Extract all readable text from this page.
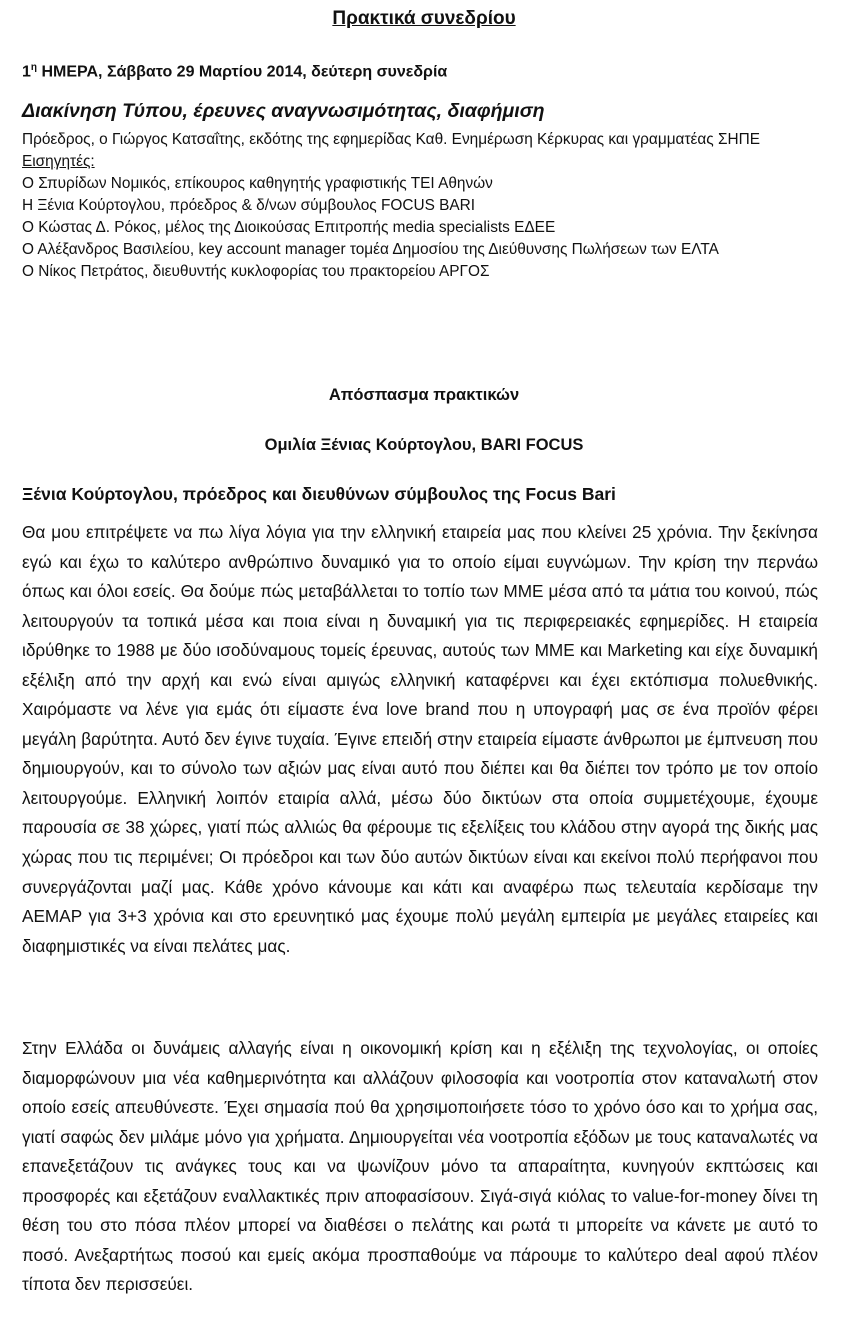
Πρακτικά συνεδρίου
$1^\eta$ ΗΜΕΡΑ, Σάββατο 29 Μαρτίου 2014, δεύτερη συνεδρία
Διακίνηση Τύπου, έρευνες αναγνωσιμότητας, διαφήμιση

Πρόεδρος, ο Γιώργος Κατσαΐτης, εκδότης της εφημερίδας Καθ. Ενημέρωση Κέρκυρας και γραμματέας ΣΗΠΕ

Εισηγητές:

Ο Σπυρίδων Νομικός, επίκουρος καθηγητής γραφιστικής ΤΕΙ Αθηνών

Η Ξένια Κούρτογλου, πρόεδρος & δ/νων σύμβουλος FOCUS BARI

Ο Κώστας Δ. Ρόκος, μέλος της Διοικούσας Επιτροπής media specialists ΕΔΕΕ

Ο Αλέξανδρος Βασιλείου, key account manager τομέα Δημοσίου της Διεύθυνσης Πωλήσεων των ΕΛΤΑ

Ο Νίκος Πετράτος, διευθυντής κυκλοφορίας του πρακτορείου ΑΡΓΟΣ

Απόσπασμα πρακτικών
Ομιλία Ξένιας Κούρτογλου, BARI FOCUS
Ξένια Κούρτογλου, πρόεδρος και διευθύνων σύμβουλος της Focus Bari

Θα μου επιτρέψετε να πω λίγα λόγια για την ελληνική εταιρεία μας που κλείνει 25 χρόνια. Την ξεκίνησα εγώ και έχω το καλύτερο ανθρώπινο δυναμικό για το οποίο είμαι ευγνώμων. Την κρίση την περνάω όπως και όλοι εσείς. Θα δούμε πώς μεταβάλλεται το τοπίο των ΜΜΕ μέσα από τα μάτια του κοινού, πώς λειτουργούν τα τοπικά μέσα και ποια είναι η δυναμική για τις περιφερειακές εφημερίδες. Η εταιρεία ιδρύθηκε το 1988 με δύο ισοδύναμους τομείς έρευνας, αυτούς των ΜΜΕ και Marketing και είχε δυναμική εξέλιξη από την αρχή και ενώ είναι αμιγώς ελληνική καταφέρνει και έχει εκτόπισμα πολυεθνικής. Χαιρόμαστε να λένε για εμάς ότι είμαστε ένα love brand που η υπογραφή μας σε ένα προϊόν φέρει μεγάλη βαρύτητα. Αυτό δεν έγινε τυχαία. Έγινε επειδή στην εταιρεία είμαστε άνθρωποι με έμπνευση που δημιουργούν, και το σύνολο των αξιών μας είναι αυτό που διέπει και θα διέπει τον τρόπο με τον οποίο λειτουργούμε. Ελληνική λοιπόν εταιρία αλλά, μέσω δύο δικτύων στα οποία συμμετέχουμε, έχουμε παρουσία σε 38 χώρες, γιατί πώς αλλιώς θα φέρουμε τις εξελίξεις του κλάδου στην αγορά της δικής μας χώρας που τις περιμένει; Οι πρόεδροι και των δύο αυτών δικτύων είναι και εκείνοι πολύ περήφανοι που συνεργάζονται μαζί μας. Κάθε χρόνο κάνουμε και κάτι και αναφέρω πως τελευταία κερδίσαμε την ΑΕΜΑΡ για 3+3 χρόνια και στο ερευνητικό μας έχουμε πολύ μεγάλη εμπειρία με μεγάλες εταιρείες και διαφημιστικές να είναι πελάτες μας.

Στην Ελλάδα οι δυνάμεις αλλαγής είναι η οικονομική κρίση και η εξέλιξη της τεχνολογίας, οι οποίες διαμορφώνουν μια νέα καθημερινότητα και αλλάζουν φιλοσοφία και νοοτροπία στον καταναλωτή στον οποίο εσείς απευθύνεστε. Έχει σημασία πού θα χρησιμοποιήσετε τόσο το χρόνο όσο και το χρήμα σας, γιατί σαφώς δεν μιλάμε μόνο για χρήματα. Δημιουργείται νέα νοοτροπία εξόδων με τους καταναλωτές να επανεξετάζουν τις ανάγκες τους και να ψωνίζουν μόνο τα απαραίτητα, κυνηγούν εκπτώσεις και προσφορές και εξετάζουν εναλλακτικές πριν αποφασίσουν. Σιγά-σιγά κιόλας το value-for-money δίνει τη θέση του στο πόσα πλέον μπορεί να διαθέσει ο πελάτης και ρωτά τι μπορείτε να κάνετε με αυτό το ποσό. Ανεξαρτήτως ποσού και εμείς ακόμα προσπαθούμε να πάρουμε το καλύτερο deal αφού πλέον τίποτα δεν περισσεύει.
